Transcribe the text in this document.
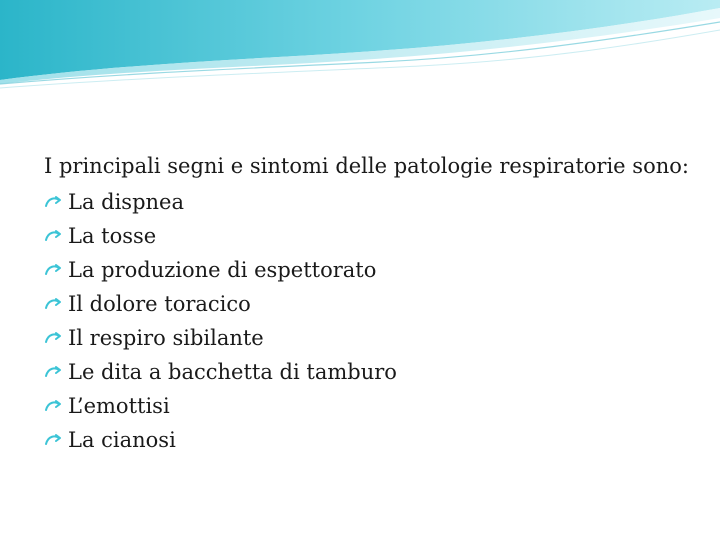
I principali segni e sintomi delle patologie respiratorie sono:

La dispnea
La tosse
La produzione di espettorato
Il dolore toracico
Il respiro sibilante
Le dita a bacchetta di tamburo
L’emottisi
La cianosi
